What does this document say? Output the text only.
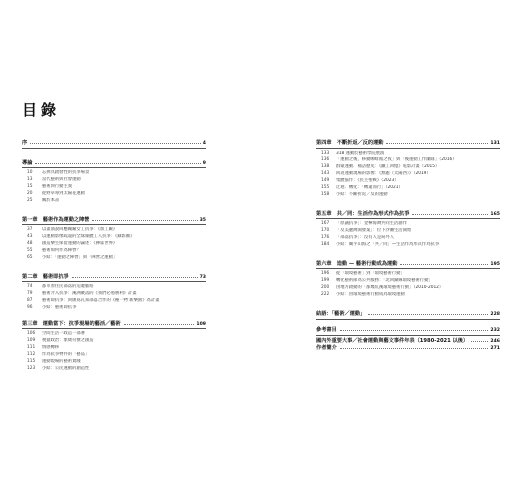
目錄
序	4
導論	9
10	忘掉具啟發性的抗爭場景
13	當代藝術與社會運動
15	藝術與行動主義
20	從野草莓到太陽花運動
25	關於本書
第一章　藝術作為運動之陣營	35
37	以畫演說回應關廠女工抗爭：《加工廠》
43	以運動影像疏遠的全球媒體工人抗爭：《錄影圖》
48	創造樂生保留運動的論述：《揮霍世界》
55	藝術如何作為陣營？
65	小結：「運動之陣營」與「陣營之運動」
第二章　藝術即抗爭	73
74	都市原住民部落的迫遷脈絡
79	藝術介入抗爭：溪洲聚落的《我們必將勝利》計畫
87	藝術即抗爭：與匯爲瓦知部落合作的《種一物 新樂園》為計畫
96	小結：藝術即抗爭
第三章　運動當下：抗爭現場的藝活／藝術	109
106	空間生活一政造一部署
109	視覺政治：象徵符號之創造
111	情感轉移
112	作為抗爭物件的「藝品」
115	運動現場的藝術實踐
123	小結：公民運動的創造性
第四章　不斷折返／反的運動	131
133	318 運動於藝術學院展演
136	「運動之後，移動咖啡館之夜」與「後運動工作團隊」（2016）
138	群蒙運動．補訪歷史：《鐵工回憶》電影計畫（2015）
143	回返運動現場的影像：《無題（太陽西）》（2019）
149	集體協作：《民主聖戰》（2023）
155	迂迴．轉化：「轉遠而行」（2021）
158	小結：不斷折返／反的運動
第五章　共／同：生活作為形式作為抗爭	165
167	「原議抗爭」：金樺海灣共同生活創作
170	「反美麗灣開發案」：位下沙灘生活開始
176	「部落抗爭」：沒有人是局外人
184	小結：關乎山海之「共／同」—生活作為形式作為抗爭
第六章　造動 — 藝術行動成為運動	195
196	從「環境藝術」到「環境藝術行動」
199	轉化藝術節為公共服務：「北回歸線環境藝術行動」
200	由地方啟動的「都幾坑溪環境藝術行動」（2010-2012）
222	小結：由環境藝術行動成為環境運動
結語：「藝術／運動」	228
參考書目	232
國內外重要大事／社會運動與藝文事件年表（1980-2021 以後）	246
作者簡介	271
